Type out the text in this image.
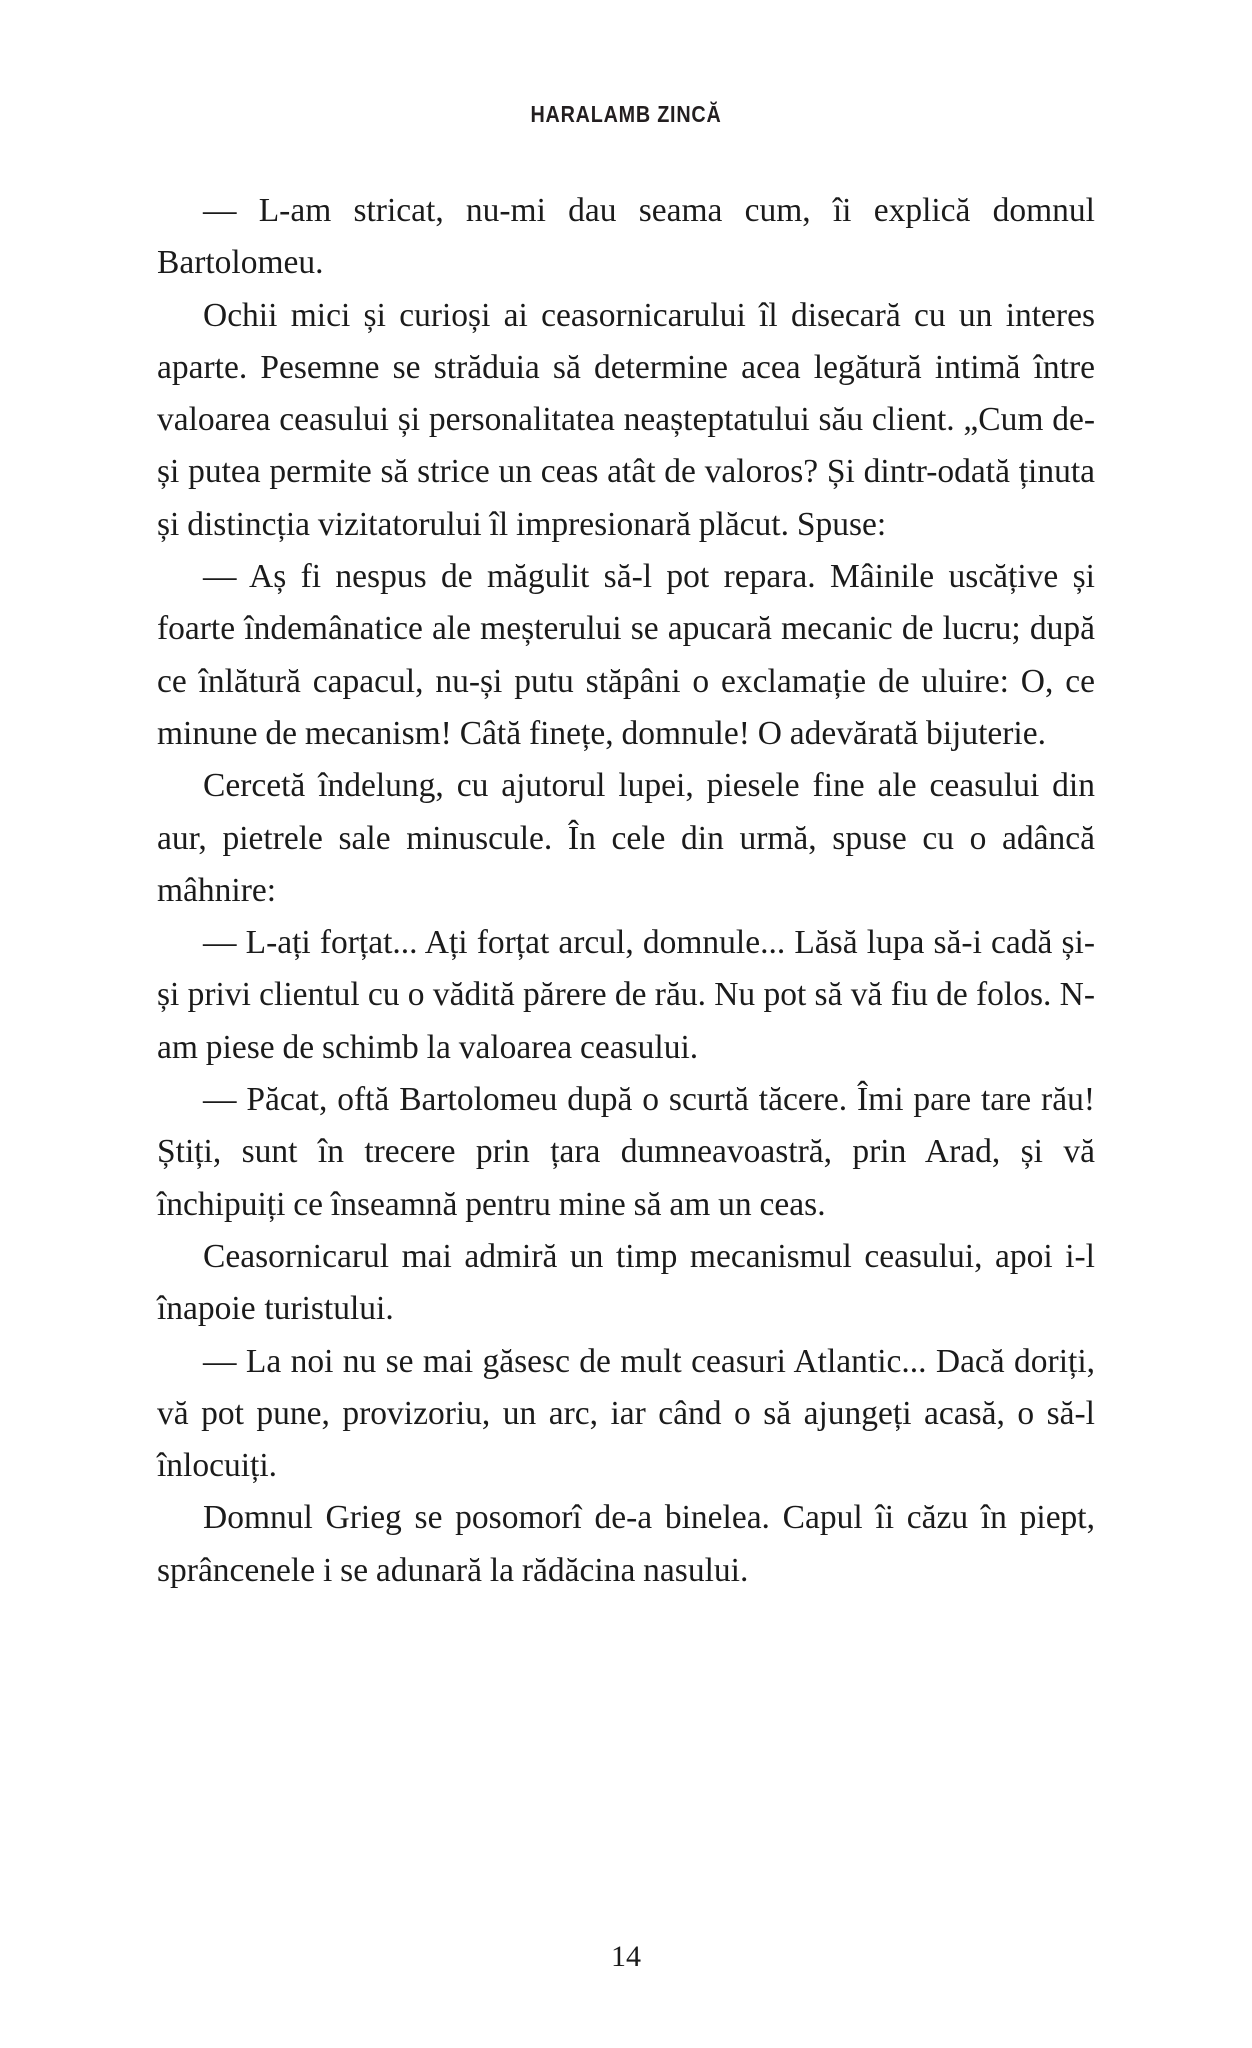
HARALAMB ZINCĂ

— L-am stricat, nu-mi dau seama cum, îi explică domnul Bartolomeu.

Ochii mici și curioși ai ceasornicarului îl disecară cu un interes aparte. Pesemne se străduia să determine acea legătură intimă între valoarea ceasului și personalitatea neașteptatului său client. „Cum de-și putea permite să strice un ceas atât de valoros? Și dintr-odată ținuta și distincția vizitatorului îl impresionară plăcut. Spuse:

— Aș fi nespus de măgulit să-l pot repara. Mâinile uscățive și foarte îndemânatice ale meșterului se apucară mecanic de lucru; după ce înlătură capacul, nu-și putu stăpâni o exclamație de uluire: O, ce minune de mecanism! Câtă finețe, domnule! O adevărată bijuterie.

Cercetă îndelung, cu ajutorul lupei, piesele fine ale ceasului din aur, pietrele sale minuscule. În cele din urmă, spuse cu o adâncă mâhnire:

— L-ați forțat... Ați forțat arcul, domnule... Lăsă lupa să-i cadă și-și privi clientul cu o vădită părere de rău. Nu pot să vă fiu de folos. N-am piese de schimb la valoarea ceasului.

— Păcat, oftă Bartolomeu după o scurtă tăcere. Îmi pare tare rău! Știți, sunt în trecere prin țara dumneavoastră, prin Arad, și vă închipuiți ce înseamnă pentru mine să am un ceas.

Ceasornicarul mai admiră un timp mecanismul ceasului, apoi i-l înapoie turistului.

— La noi nu se mai găsesc de mult ceasuri Atlantic... Dacă doriți, vă pot pune, provizoriu, un arc, iar când o să ajungeți acasă, o să-l înlocuiți.

Domnul Grieg se posomorî de-a binelea. Capul îi căzu în piept, sprâncenele i se adunară la rădăcina nasului.

14
